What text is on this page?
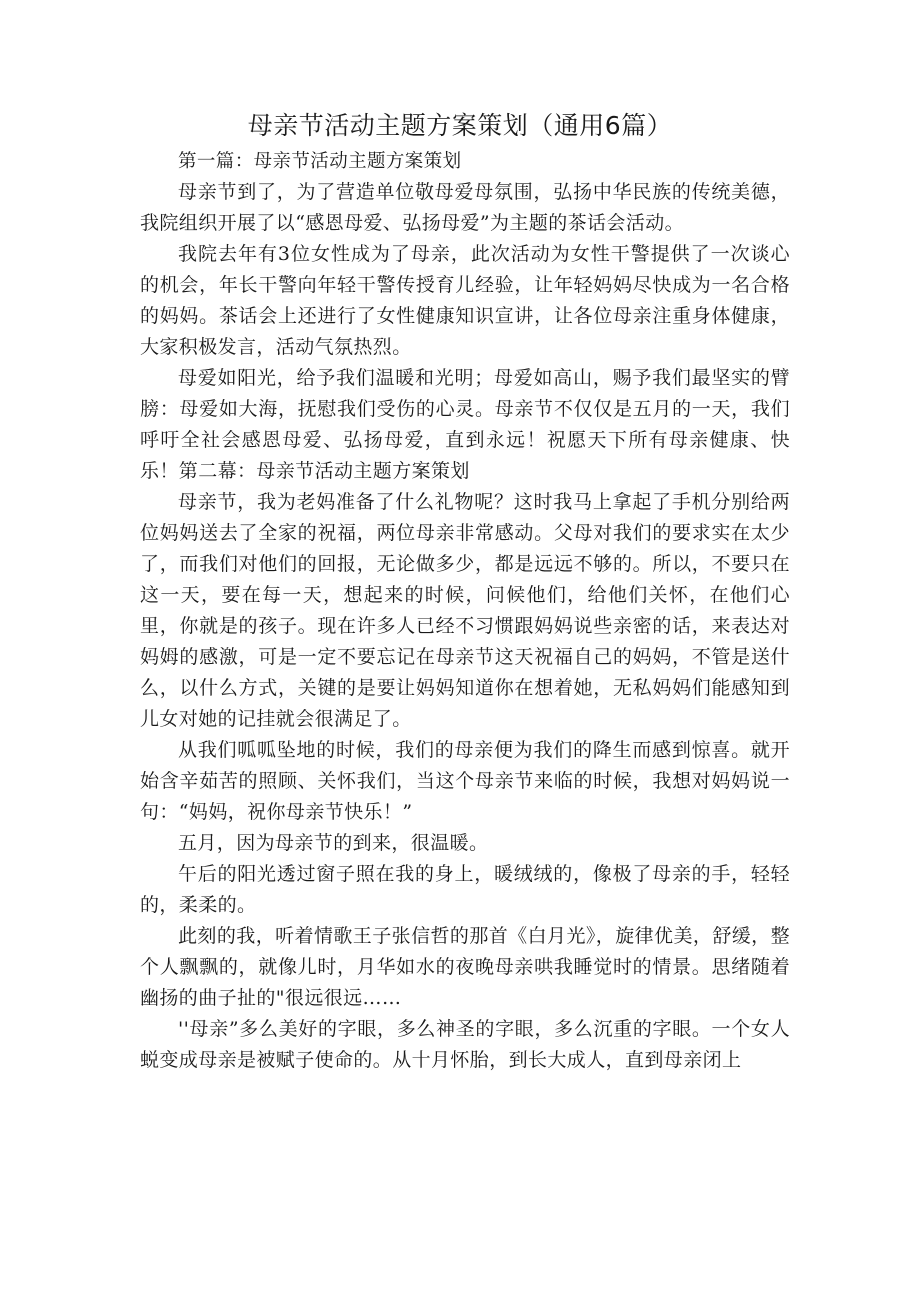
母亲节活动主题方案策划（通用6篇）

第一篇：母亲节活动主题方案策划

母亲节到了，为了营造单位敬母爱母氛围，弘扬中华民族的传统美德，我院组织开展了以“感恩母爱、弘扬母爱”为主题的茶话会活动。

我院去年有3位女性成为了母亲，此次活动为女性干警提供了一次谈心的机会，年长干警向年轻干警传授育儿经验，让年轻妈妈尽快成为一名合格的妈妈。茶话会上还进行了女性健康知识宣讲，让各位母亲注重身体健康，大家积极发言，活动气氛热烈。

母爱如阳光，给予我们温暖和光明；母爱如高山，赐予我们最坚实的臂膀：母爱如大海，抚慰我们受伤的心灵。母亲节不仅仅是五月的一天，我们呼吁全社会感恩母爱、弘扬母爱，直到永远！祝愿天下所有母亲健康、快乐！第二幕：母亲节活动主题方案策划

母亲节，我为老妈准备了什么礼物呢？这时我马上拿起了手机分别给两位妈妈送去了全家的祝福，两位母亲非常感动。父母对我们的要求实在太少了，而我们对他们的回报，无论做多少，都是远远不够的。所以，不要只在这一天，要在每一天，想起来的时候，问候他们，给他们关怀，在他们心里，你就是的孩子。现在许多人已经不习惯跟妈妈说些亲密的话，来表达对妈姆的感激，可是一定不要忘记在母亲节这天祝福自己的妈妈，不管是送什么，以什么方式，关键的是要让妈妈知道你在想着她，无私妈妈们能感知到儿女对她的记挂就会很满足了。

从我们呱呱坠地的时候，我们的母亲便为我们的降生而感到惊喜。就开始含辛茹苦的照顾、关怀我们，当这个母亲节来临的时候，我想对妈妈说一句：“妈妈，祝你母亲节快乐！”

五月，因为母亲节的到来，很温暖。

午后的阳光透过窗子照在我的身上，暖绒绒的，像极了母亲的手，轻轻的，柔柔的。

此刻的我，听着情歌王子张信哲的那首《白月光》，旋律优美，舒缓，整个人飘飘的，就像儿时，月华如水的夜晚母亲哄我睡觉时的情景。思绪随着幽扬的曲子扯的"很远很远……

''母亲”多么美好的字眼，多么神圣的字眼，多么沉重的字眼。一个女人蜕变成母亲是被赋子使命的。从十月怀胎，到长大成人，直到母亲闭上
